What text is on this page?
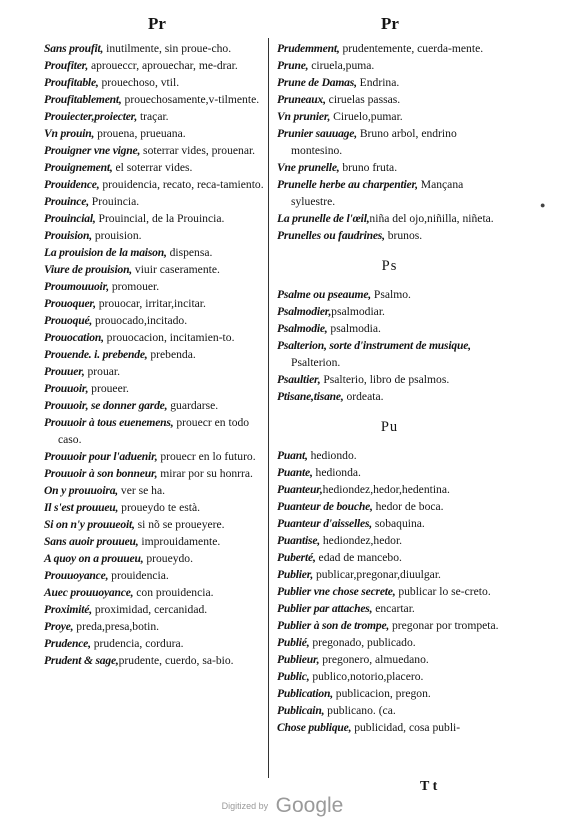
Pr	Pr
Sans proufit, inutilmente, sin proue-cho.
Proufiter, aproueccr, aprouechar, me-drar.
Proufitable, prouechoso, vtil.
Proufitablement, prouechosamente,v-tilmente.
Prouiecter,proiecter, traçar.
Vn prouin, prouena, prueuana.
Prouigner vne vigne, soterrar vides, prouenar.
Prouignement, el soterrar vides.
Prouidence, prouidencia, recato, reca-tamiento.
Prouince, Prouincia.
Prouincial, Prouincial, de la Prouincia.
Prouision, prouision.
La prouision de la maison, dispensa.
Viure de prouision, viuir caseramente.
Proumouuoir, promouer.
Prouoquer, prouocar, irritar,incitar.
Prouoqué, prouocado,incitado.
Prouocation, prouocacion, incitamien-to.
Prouende. i. prebende, prebenda.
Prouuer, prouar.
Prouuoir, proueer.
Prouuoir, se donner garde, guardarse.
Prouuoir à tous euenemens, prouecr en todo caso.
Prouuoir pour l'aduenir, prouecr en lo futuro.
Prouuoir à son bonneur, mirar por su honrra.
On y prouuoira, ver se ha.
Il s'est prouueu, proueydo te està.
Si on n'y prouueoit, si nõ se proueyere.
Sans auoir prouueu, improuidamente.
A quoy on a prouueu, proueydo.
Prouuoyance, prouidencia.
Auec prouuoyance, con prouidencia.
Proximité, proximidad, cercanidad.
Proye, preda,presa,botin.
Prudence, prudencia, cordura.
Prudent & sage,prudente, cuerdo, sa-bio.
Prudemment, prudentemente, cuerda-mente.
Prune, ciruela,puma.
Prune de Damas, Endrina.
Pruneaux, ciruelas passas.
Vn prunier, Ciruelo,pumar.
Prunier sauuage, Bruno arbol, endrino montesino.
Vne prunelle, bruno fruta.
Prunelle herbe au charpentier, Mançana syluestre.
La prunelle de l'œil,niña del ojo,niñilla, niñeta.
Prunelles ou faudrines, brunos.
Ps
Psalme ou pseaume, Psalmo.
Psalmodier,psalmodiar.
Psalmodie, psalmodia.
Psalterion, sorte d'instrument de musique, Psalterion.
Psaultier, Psalterio, libro de psalmos.
Ptisane,tisane, ordeata.
Pu
Puant, hediondo.
Puante, hedionda.
Puanteur,hediondez,hedor,hedentina.
Puanteur de bouche, hedor de boca.
Puanteur d'aisselles, sobaquina.
Puantise, hediondez,hedor.
Puberté, edad de mancebo.
Publier, publicar,pregonar,diuulgar.
Publier vne chose secrete, publicar lo se-creto.
Publier par attaches, encartar.
Publier à son de trompe, pregonar por trompeta.
Publié, pregonado, publicado.
Publieur, pregonero, almuedano.
Public, publico,notorio,placero.
Publication, publicacion, pregon.
Publicain, publicano. (ca.
Chose publique, publicidad, cosa publi-
●
T t
Digitized by Google
